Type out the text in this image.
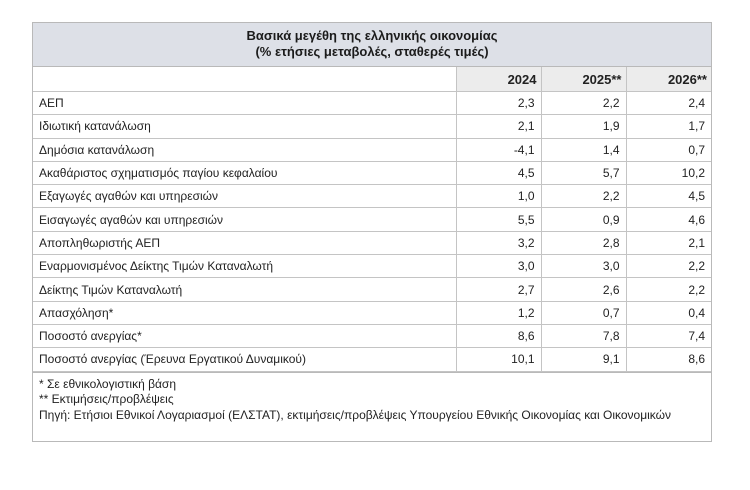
Βασικά μεγέθη της ελληνικής οικονομίας
(% ετήσιες μεταβολές, σταθερές τιμές)
	2024	2025**	2026**
ΑΕΠ	2,3	2,2	2,4
Ιδιωτική κατανάλωση	2,1	1,9	1,7
Δημόσια κατανάλωση	-4,1	1,4	0,7
Ακαθάριστος σχηματισμός παγίου κεφαλαίου	4,5	5,7	10,2
Εξαγωγές αγαθών και υπηρεσιών	1,0	2,2	4,5
Εισαγωγές αγαθών και υπηρεσιών	5,5	0,9	4,6
Αποπληθωριστής ΑΕΠ	3,2	2,8	2,1
Εναρμονισμένος Δείκτης Τιμών Καταναλωτή	3,0	3,0	2,2
Δείκτης Τιμών Καταναλωτή	2,7	2,6	2,2
Απασχόληση*	1,2	0,7	0,4
Ποσοστό ανεργίας*	8,6	7,8	7,4
Ποσοστό ανεργίας (Έρευνα Εργατικού Δυναμικού)	10,1	9,1	8,6

* Σε εθνικολογιστική βάση

** Εκτιμήσεις/προβλέψεις

Πηγή: Ετήσιοι Εθνικοί Λογαριασμοί (ΕΛΣΤΑΤ), εκτιμήσεις/προβλέψεις Υπουργείου Εθνικής Οικονομίας και Οικονομικών
